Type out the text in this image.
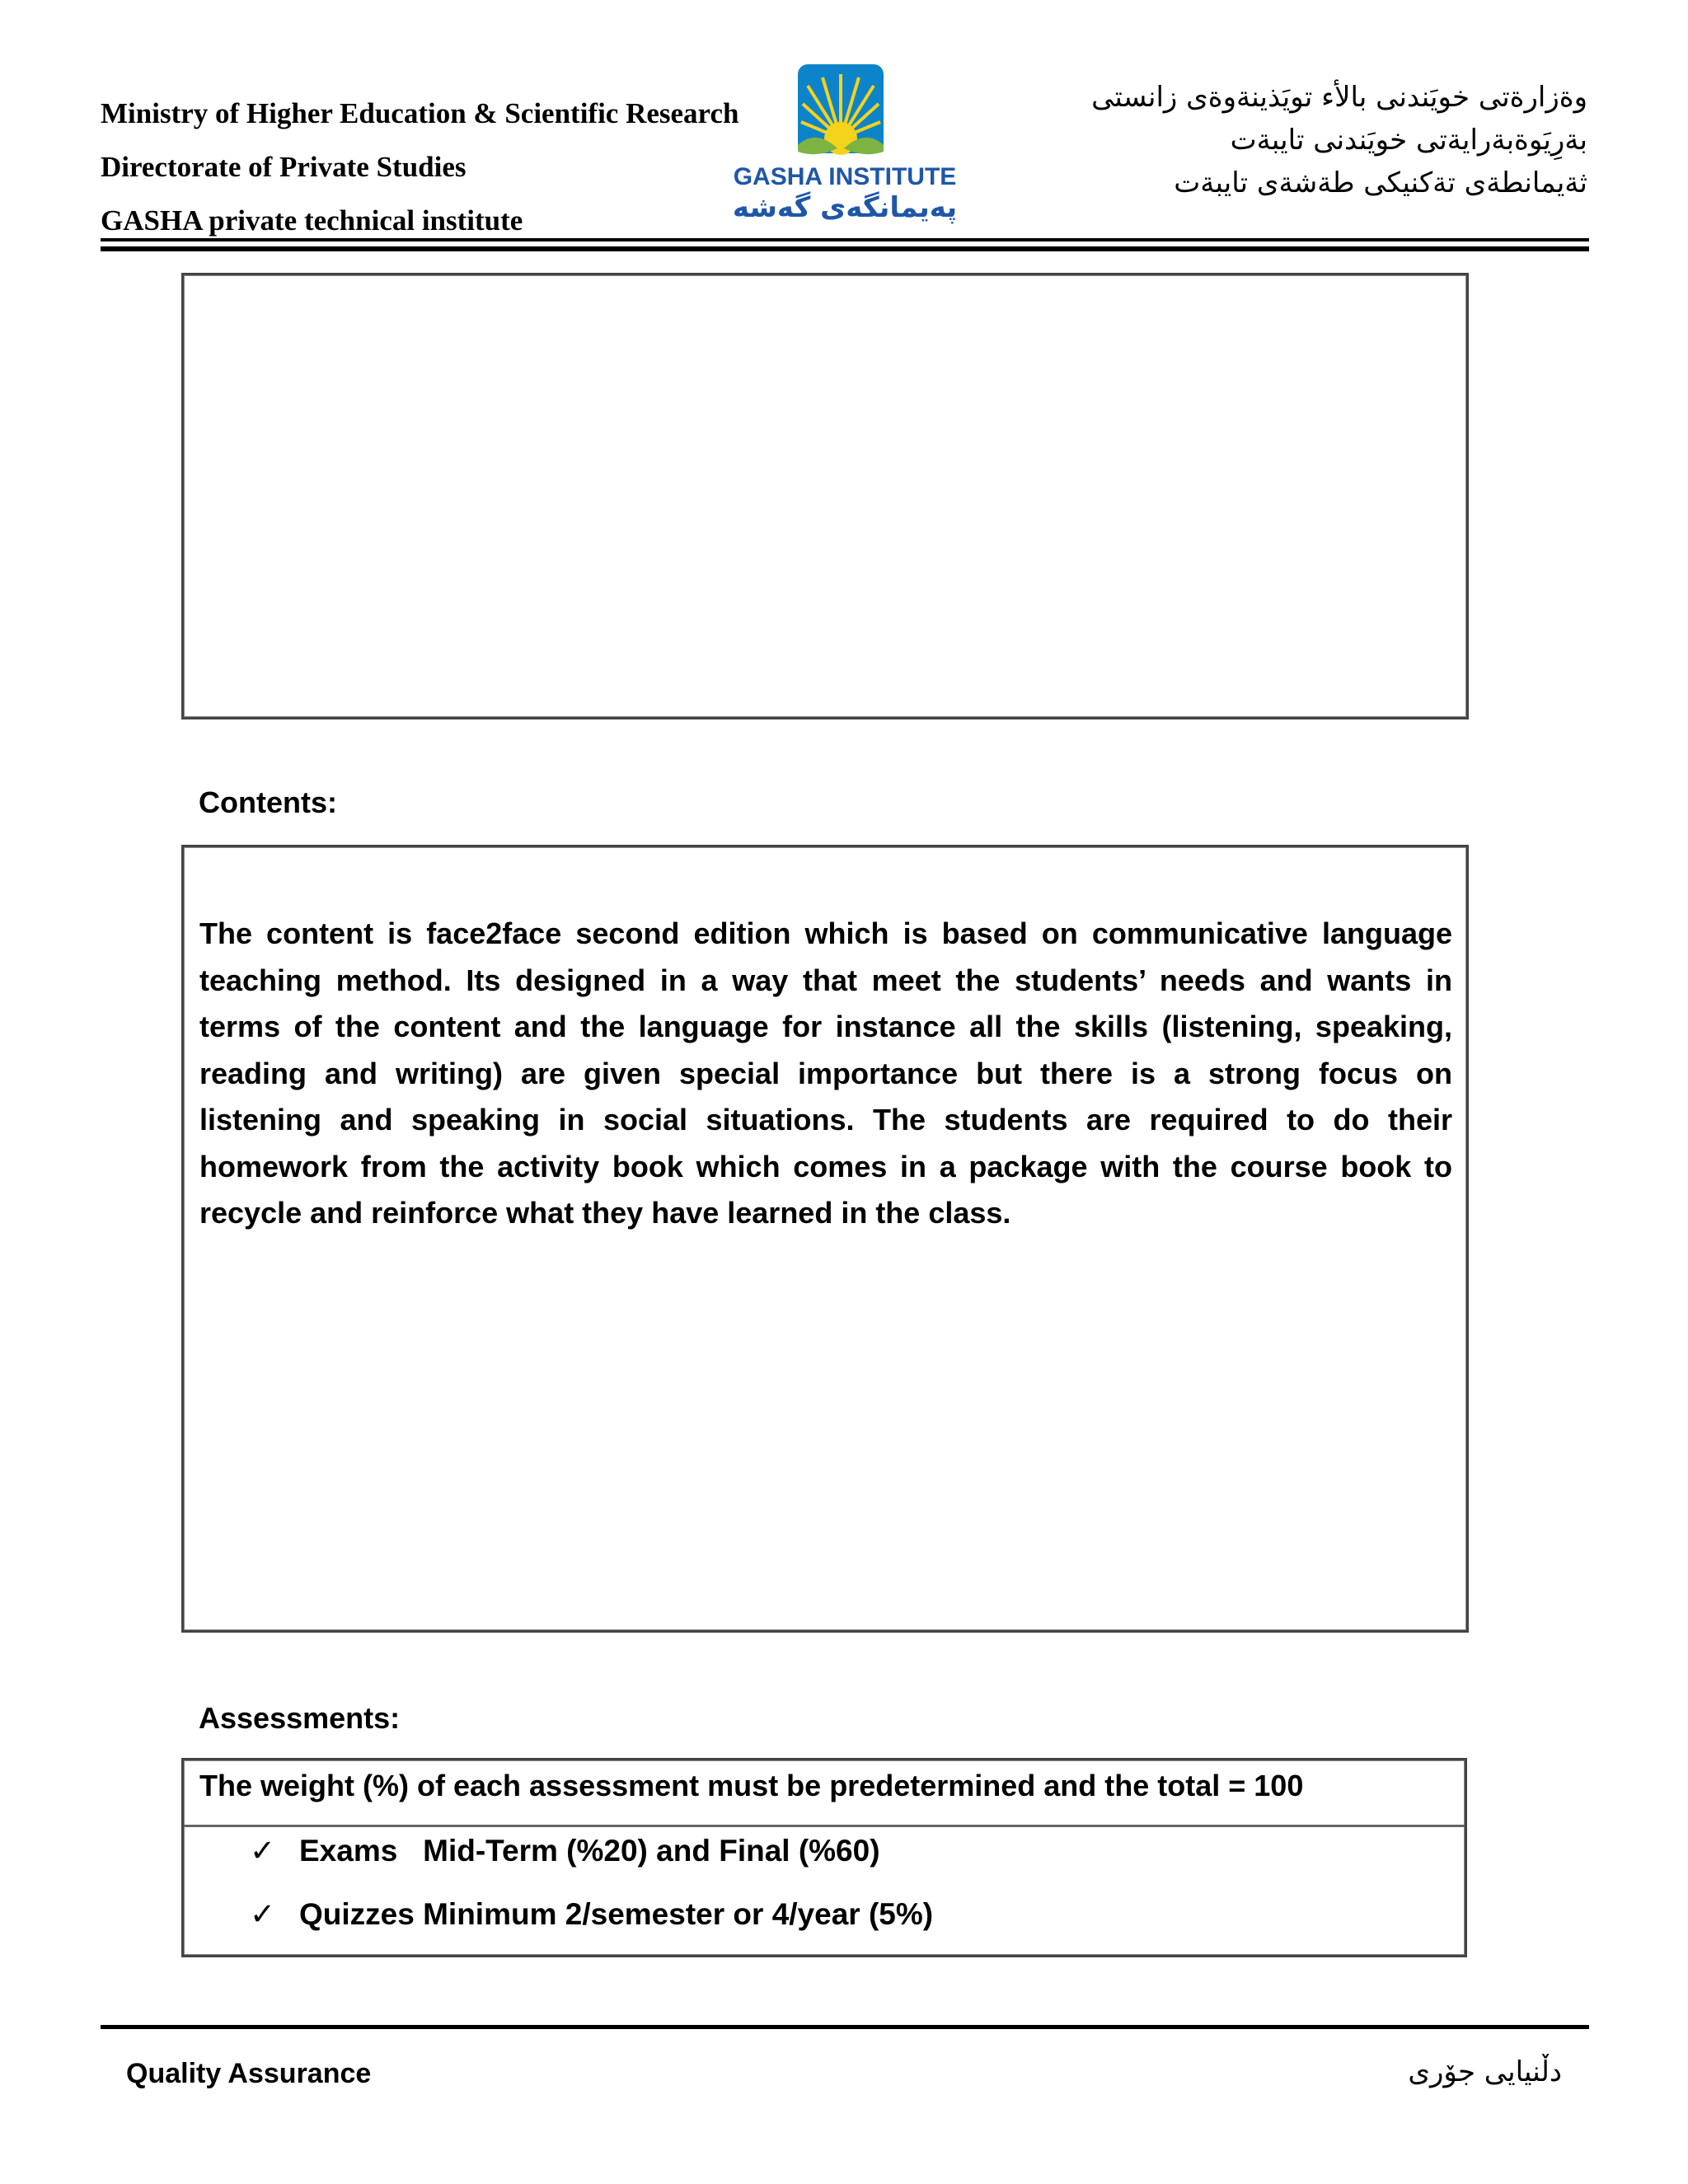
Ministry of Higher Education & Scientific Research
Directorate of Private Studies
GASHA private technical institute
GASHA INSTITUTE
پەیمانگەی گەشە
وةزارةتى خويَندنى بالأء تويَذينةوةى زانستى
بةرِيَوةبةرايةتى خويَندنى تايبةت
ثةيمانطةى تةكنيكى طةشةى تايبةت
Contents:

The content is face2face second edition which is based on communicative language teaching method. Its designed in a way that meet the students’ needs and wants in terms of the content and the language for instance all the skills (listening, speaking, reading and writing) are given special importance but there is a strong focus on listening and speaking in social situations. The students are required to do their homework from the activity book which comes in a package with the course book to recycle and reinforce what they have learned in the class.

Assessments:
The weight (%) of each assessment must be predetermined and the total = 100
✓ Exams   Mid-Term (%20) and Final (%60)
✓ Quizzes Minimum 2/semester or 4/year (5%)
Quality Assurance	دڵنیایی جۆری
